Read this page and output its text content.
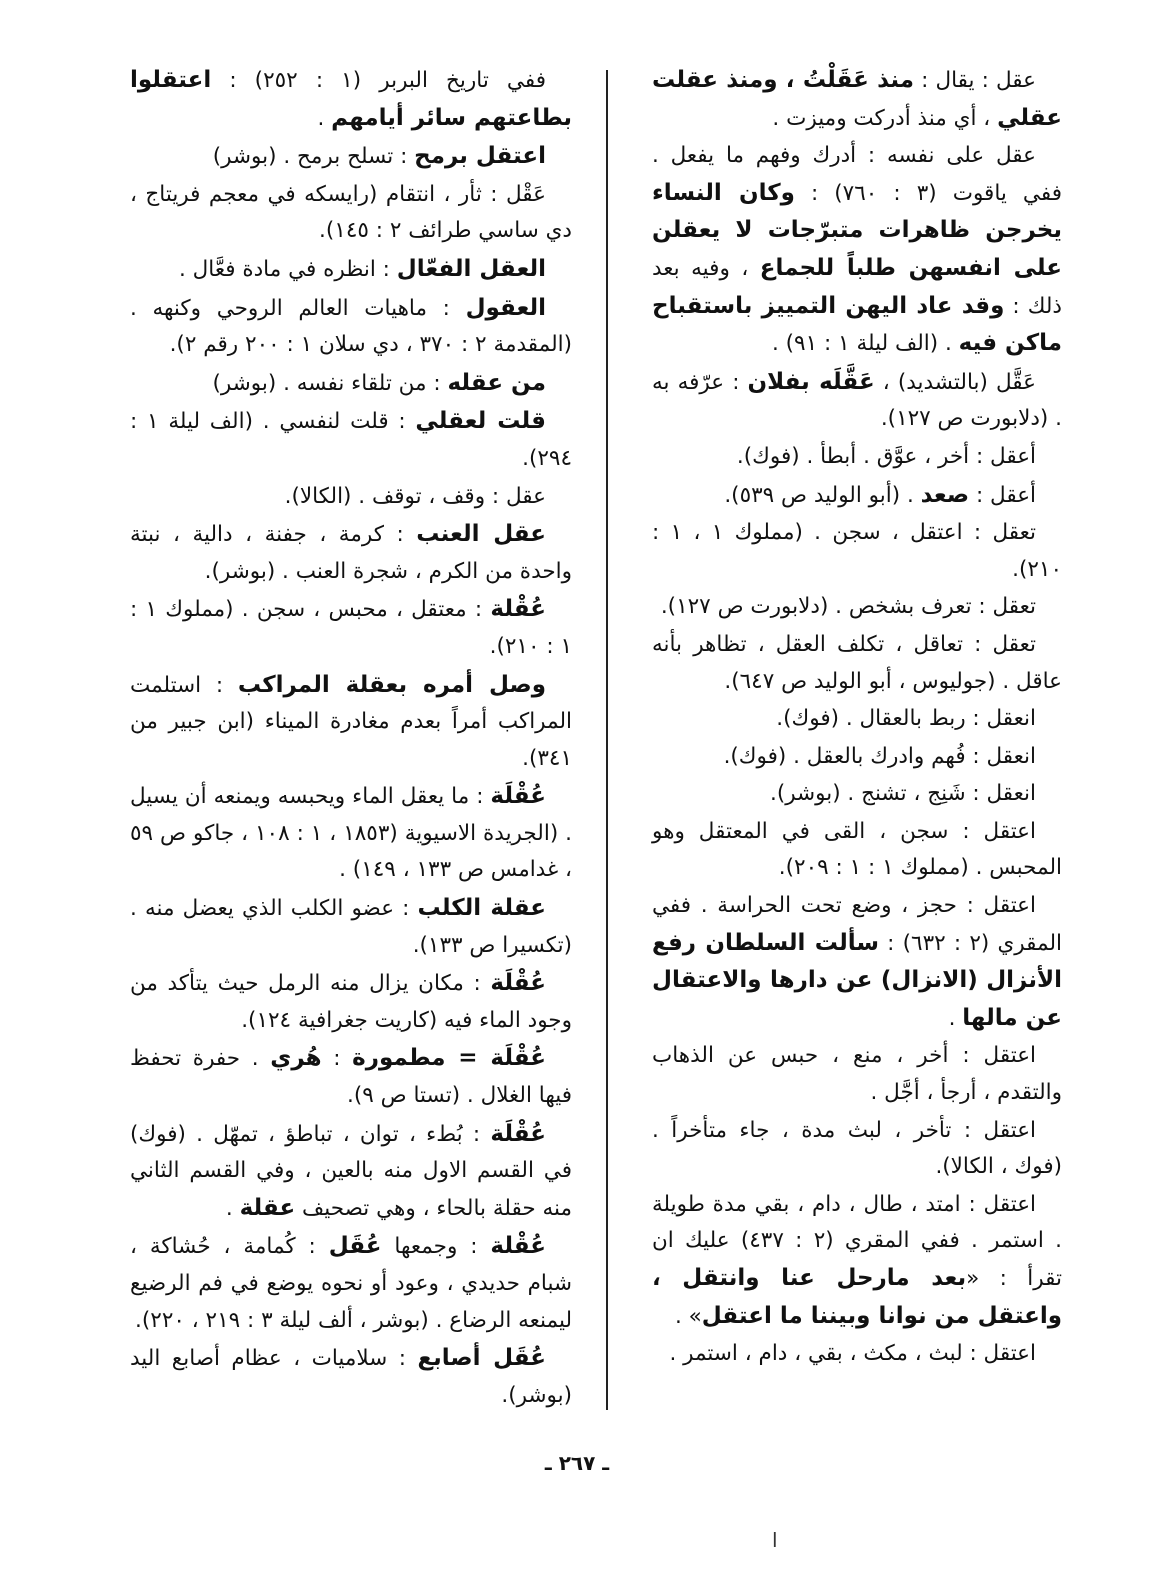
عقل : يقال : منذ عَقَلْتُ ، ومنذ عقلت عقلي ، أي منذ أدركت وميزت .

عقل على نفسه : أدرك وفهم ما يفعل . ففي ياقوت (٣ : ٧٦٠) : وكان النساء يخرجن ظاهرات متبرّجات لا يعقلن على انفسهن طلباً للجماع ، وفيه بعد ذلك : وقد عاد اليهن التمييز باستقباح ماكن فيه . (الف ليلة ١ : ٩١) .

عَقَّل (بالتشديد) ، عَقَّلَه بفلان : عرّفه به . (دلابورت ص ١٢٧).

أعقل : أخر ، عوَّق . أبطأ . (فوك).

أعقل : صعد . (أبو الوليد ص ٥٣٩).

تعقل : اعتقل ، سجن . (مملوك ١ ، ١ : ٢١٠).

تعقل : تعرف بشخص . (دلابورت ص ١٢٧).

تعقل : تعاقل ، تكلف العقل ، تظاهر بأنه عاقل . (جوليوس ، أبو الوليد ص ٦٤٧).

انعقل : ربط بالعقال . (فوك).

انعقل : فُهم وادرك بالعقل . (فوك).

انعقل : شَنِج ، تشنج . (بوشر).

اعتقل : سجن ، القى في المعتقل وهو المحبس . (مملوك ١ : ١ : ٢٠٩).

اعتقل : حجز ، وضع تحت الحراسة . ففي المقري (٢ : ٦٣٢) : سألت السلطان رفع الأنزال (الانزال) عن دارها والاعتقال عن مالها .

اعتقل : أخر ، منع ، حبس عن الذهاب والتقدم ، أرجأ ، أجَّل .

اعتقل : تأخر ، لبث مدة ، جاء متأخراً . (فوك ، الكالا).

اعتقل : امتد ، طال ، دام ، بقي مدة طويلة . استمر . ففي المقري (٢ : ٤٣٧) عليك ان تقرأ : «بعد مارحل عنا وانتقل ، واعتقل من نوانا وبيننا ما اعتقل» .

اعتقل : لبث ، مكث ، بقي ، دام ، استمر .

ففي تاريخ البربر (١ : ٢٥٢) : اعتقلوا بطاعتهم سائر أيامهم .

اعتقل برمح : تسلح برمح . (بوشر)

عَقْل : ثأر ، انتقام (رايسكه في معجم فريتاج ، دي ساسي طرائف ٢ : ١٤٥).

العقل الفعّال : انظره في مادة فعَّال .

العقول : ماهيات العالم الروحي وكنهه . (المقدمة ٢ : ٣٧٠ ، دي سلان ١ : ٢٠٠ رقم ٢).

من عقله : من تلقاء نفسه . (بوشر)

قلت لعقلي : قلت لنفسي . (الف ليلة ١ : ٢٩٤).

عقل : وقف ، توقف . (الكالا).

عقل العنب : كرمة ، جفنة ، دالية ، نبتة واحدة من الكرم ، شجرة العنب . (بوشر).

عُقْلة : معتقل ، محبس ، سجن . (مملوك ١ : ١ : ٢١٠).

وصل أمره بعقلة المراكب : استلمت المراكب أمراً بعدم مغادرة الميناء (ابن جبير من ٣٤١).

عُقْلَة : ما يعقل الماء ويحبسه ويمنعه أن يسيل . (الجريدة الاسيوية (١٨٥٣ ، ١ : ١٠٨ ، جاكو ص ٥٩ ، غدامس ص ١٣٣ ، ١٤٩) .

عقلة الكلب : عضو الكلب الذي يعضل منه . (تكسيرا ص ١٣٣).

عُقْلَة : مكان يزال منه الرمل حيث يتأكد من وجود الماء فيه (كاريت جغرافية ١٢٤).

عُقْلَة = مطمورة : هُري . حفرة تحفظ فيها الغلال . (تستا ص ٩).

عُقْلَة : بُطء ، توان ، تباطؤ ، تمهّل . (فوك) في القسم الاول منه بالعين ، وفي القسم الثاني منه حقلة بالحاء ، وهي تصحيف عقلة .

عُقْلة : وجمعها عُقَل : كُمامة ، حُشاكة ، شبام حديدي ، وعود أو نحوه يوضع في فم الرضيع ليمنعه الرضاع . (بوشر ، ألف ليلة ٣ : ٢١٩ ، ٢٢٠).

عُقَل أصابع : سلاميات ، عظام أصابع اليد (بوشر).

ـ ٢٦٧ ـ
ا
